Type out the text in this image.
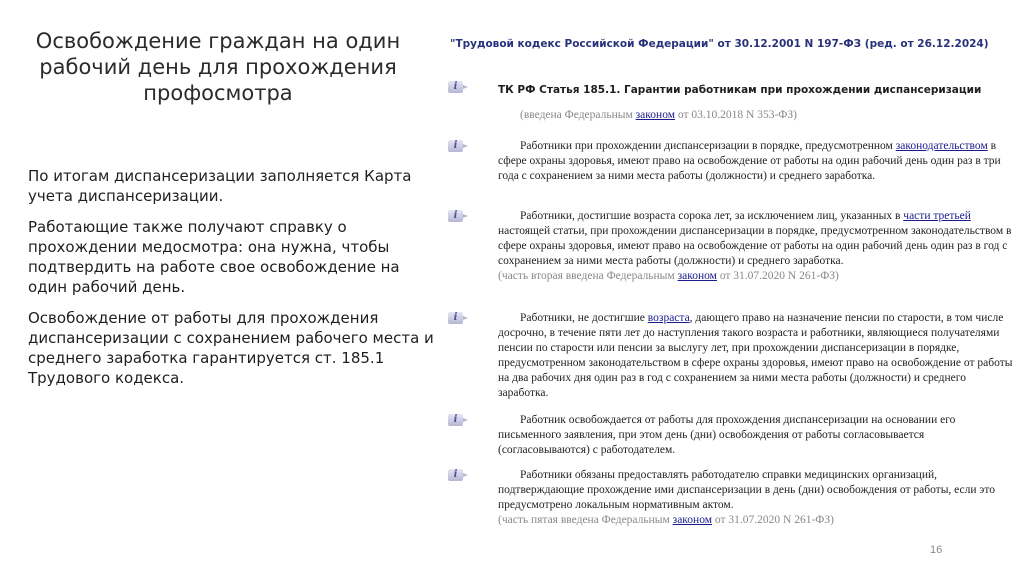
Освобождение граждан на один
рабочий день для прохождения
профосмотра

По итогам диспансеризации заполняется Карта учета диспансеризации.

Работающие также получают справку о прохождении медосмотра: она нужна, чтобы подтвердить на работе свое освобождение на один рабочий день.

Освобождение от работы для прохождения диспансеризации с сохранением рабочего места и среднего заработка гарантируется ст. 185.1 Трудового кодекса.

"Трудовой кодекс Российской Федерации" от 30.12.2001 N 197-ФЗ (ред. от 26.12.2024)
i	ТК РФ Статья 185.1. Гарантии работникам при прохождении диспансеризации
(введена Федеральным законом от 03.10.2018 N 353-ФЗ)
i	Работники при прохождении диспансеризации в порядке, предусмотренном законодательством в сфере охраны здоровья, имеют право на освобождение от работы на один рабочий день один раз в три года с сохранением за ними места работы (должности) и среднего заработка.
i	Работники, достигшие возраста сорока лет, за исключением лиц, указанных в части третьей настоящей статьи, при прохождении диспансеризации в порядке, предусмотренном законодательством в сфере охраны здоровья, имеют право на освобождение от работы на один рабочий день один раз в год с сохранением за ними места работы (должности) и среднего заработка.
(часть вторая введена Федеральным законом от 31.07.2020 N 261-ФЗ)
i	Работники, не достигшие возраста, дающего право на назначение пенсии по старости, в том числе досрочно, в течение пяти лет до наступления такого возраста и работники, являющиеся получателями пенсии по старости или пенсии за выслугу лет, при прохождении диспансеризации в порядке, предусмотренном законодательством в сфере охраны здоровья, имеют право на освобождение от работы на два рабочих дня один раз в год с сохранением за ними места работы (должности) и среднего заработка.
i	Работник освобождается от работы для прохождения диспансеризации на основании его письменного заявления, при этом день (дни) освобождения от работы согласовывается (согласовываются) с работодателем.
i	Работники обязаны предоставлять работодателю справки медицинских организаций, подтверждающие прохождение ими диспансеризации в день (дни) освобождения от работы, если это предусмотрено локальным нормативным актом.
(часть пятая введена Федеральным законом от 31.07.2020 N 261-ФЗ)
16
